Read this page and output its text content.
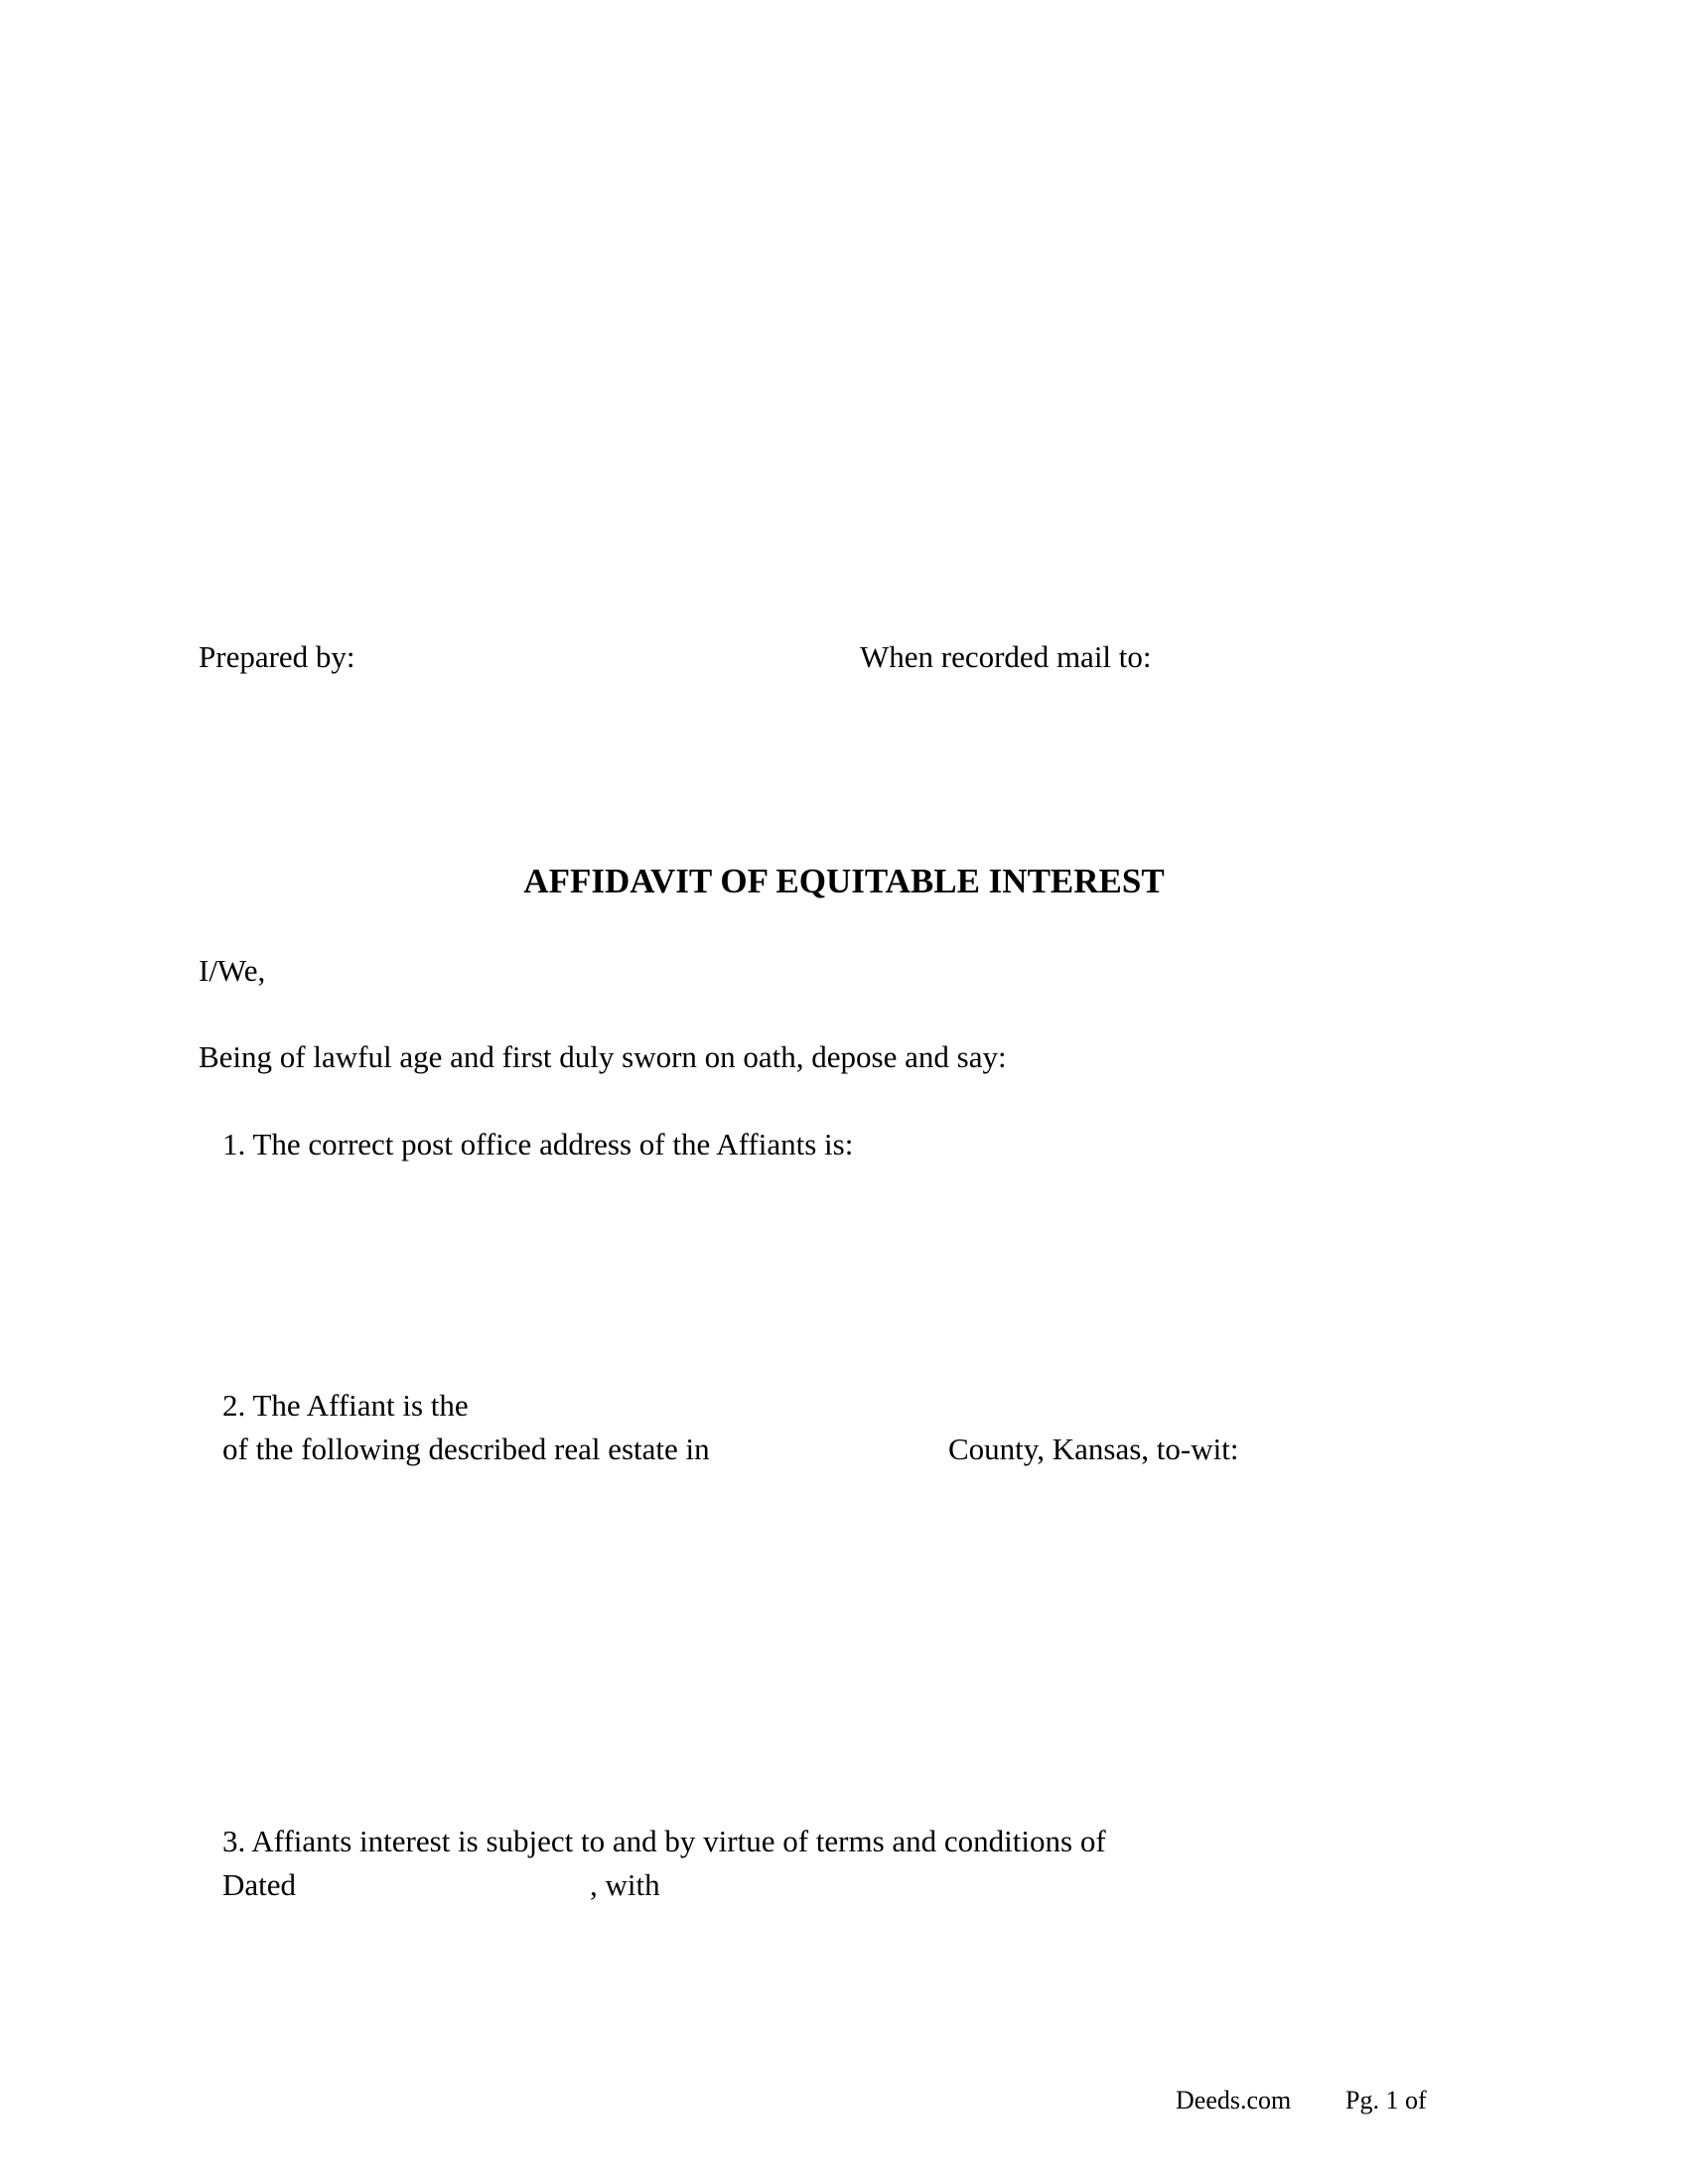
Prepared by:	When recorded mail to:
AFFIDAVIT OF EQUITABLE INTEREST
I/We,
Being of lawful age and first duly sworn on oath, depose and say:
1. The correct post office address of the Affiants is:
2. The Affiant is the
of the following described real estate in	County, Kansas, to-wit:
3. Affiants interest is subject to and by virtue of terms and conditions of
Dated	, with
Deeds.com Pg. 1 of
